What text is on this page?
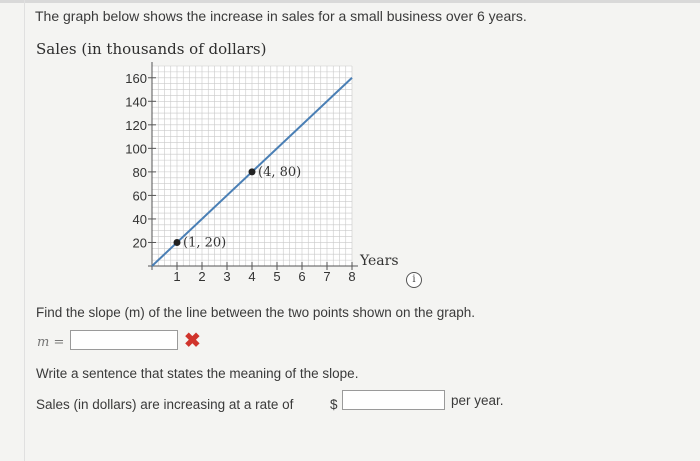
The graph below shows the increase in sales for a small business over 6 years.
Sales (in thousands of dollars)
20
40
60
80
100
120
140
160
1 2 3 4 5 6 7 8
Years
(1, 20)
(4, 80)
i
Find the slope (m) of the line between the two points shown on the graph.
m =	✖
Write a sentence that states the meaning of the slope.
Sales (in dollars) are increasing at a rate of	$	per year.
